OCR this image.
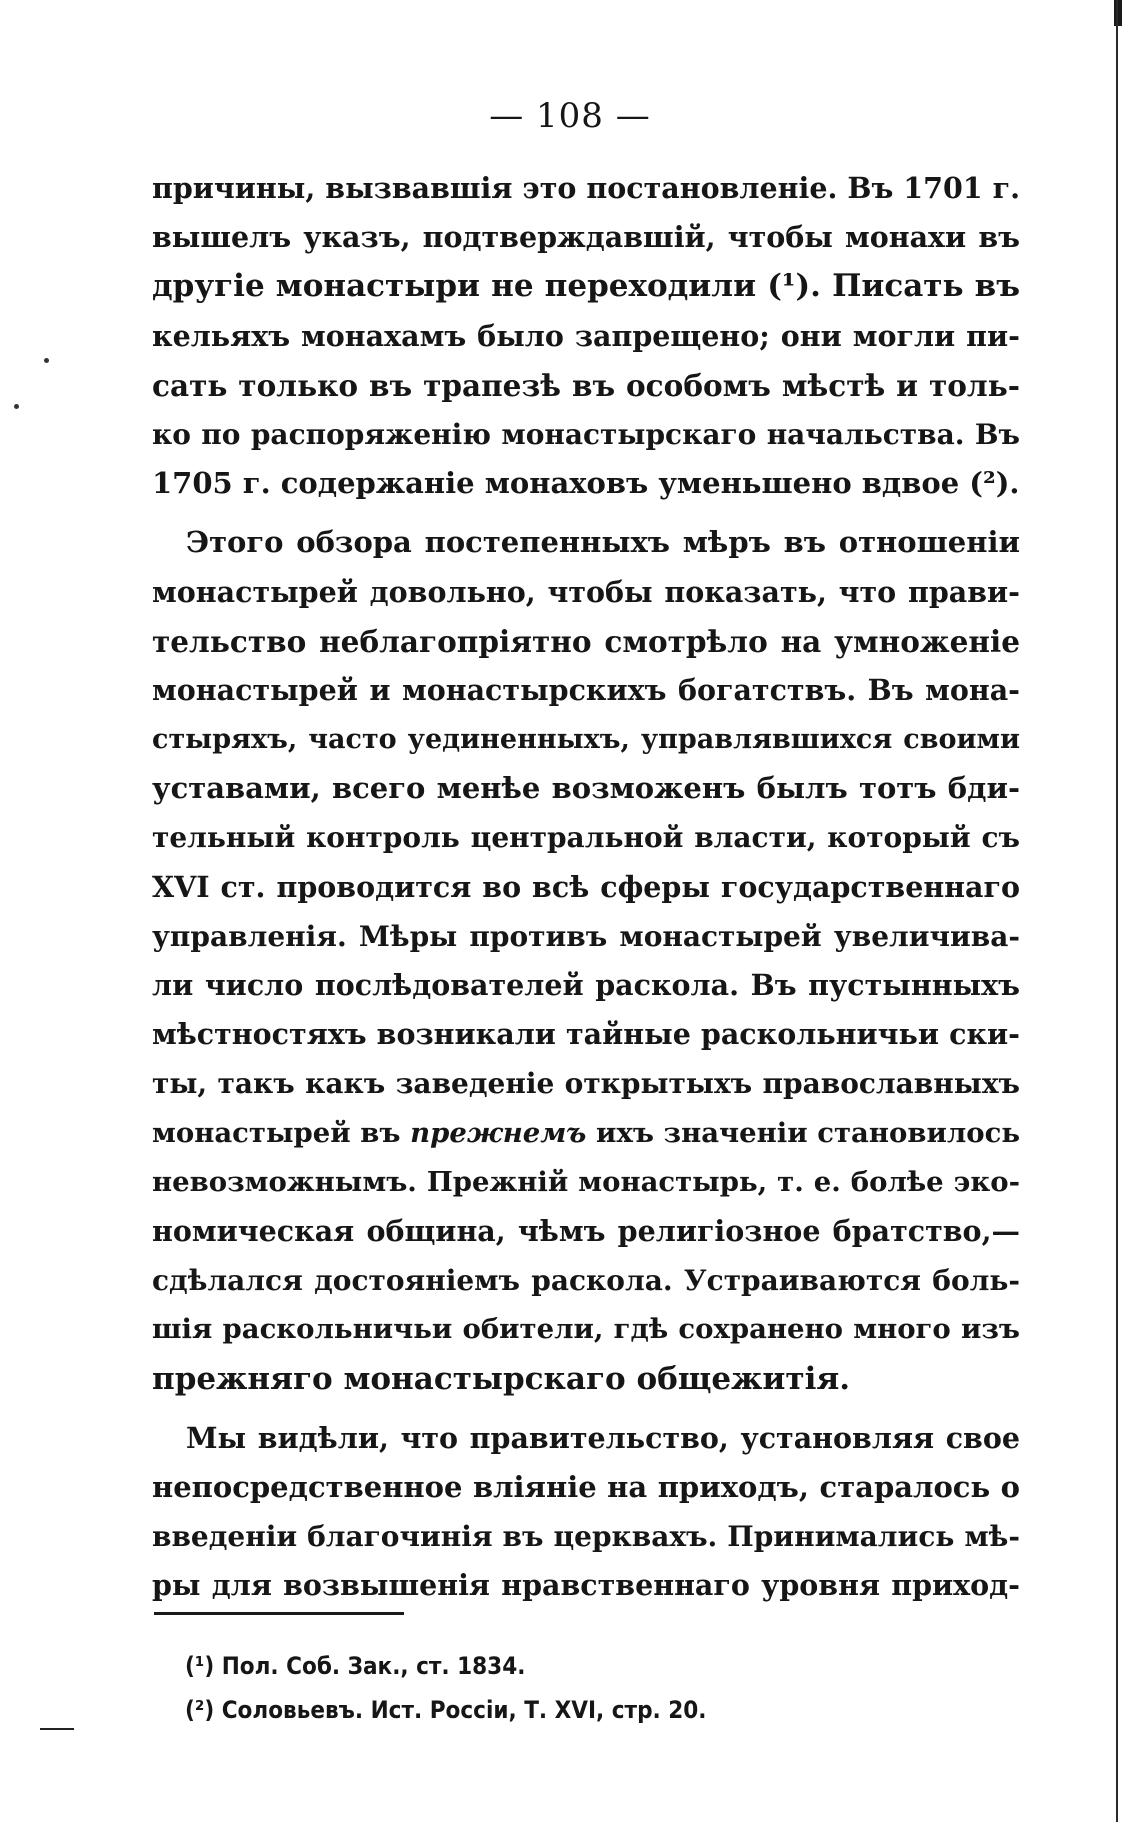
— 108 —
причины, вызвавшiя это постановленiе. Въ 1701 г.
вышелъ указъ, подтверждавшiй, чтобы монахи въ
другiе монастыри не переходили (¹). Писать въ
кельяхъ монахамъ было запрещено; они могли пи-
сать только въ трапезѣ въ особомъ мѣстѣ и толь-
ко по распоряженiю монастырскаго начальства. Въ
1705 г. содержанiе монаховъ уменьшено вдвое (²).
Этого обзора постепенныхъ мѣръ въ отношенiи
монастырей довольно, чтобы показать, что прави-
тельство неблагопрiятно смотрѣло на умноженiе
монастырей и монастырскихъ богатствъ. Въ мона-
стыряхъ, часто уединенныхъ, управлявшихся своими
уставами, всего менѣе возможенъ былъ тотъ бди-
тельный контроль центральной власти, который съ
XVI ст. проводится во всѣ сферы государственнаго
управленiя. Мѣры противъ монастырей увеличива-
ли число послѣдователей раскола. Въ пустынныхъ
мѣстностяхъ возникали тайные раскольничьи ски-
ты, такъ какъ заведенiе открытыхъ православныхъ
монастырей въ прежнемъ ихъ значенiи становилось
невозможнымъ. Прежнiй монастырь, т. е. болѣе эко-
номическая община, чѣмъ религiозное братство,—
сдѣлался достоянiемъ раскола. Устраиваются боль-
шiя раскольничьи обители, гдѣ сохранено много изъ
прежняго монастырскаго общежитiя.
Мы видѣли, что правительство, установляя свое
непосредственное влiянiе на приходъ, старалось о
введенiи благочинiя въ церквахъ. Принимались мѣ-
ры для возвышенiя нравственнаго уровня приход-
(¹) Пол. Соб. Зак., ст. 1834.
(²) Соловьевъ. Ист. Россiи, Т. XVI, стр. 20.
